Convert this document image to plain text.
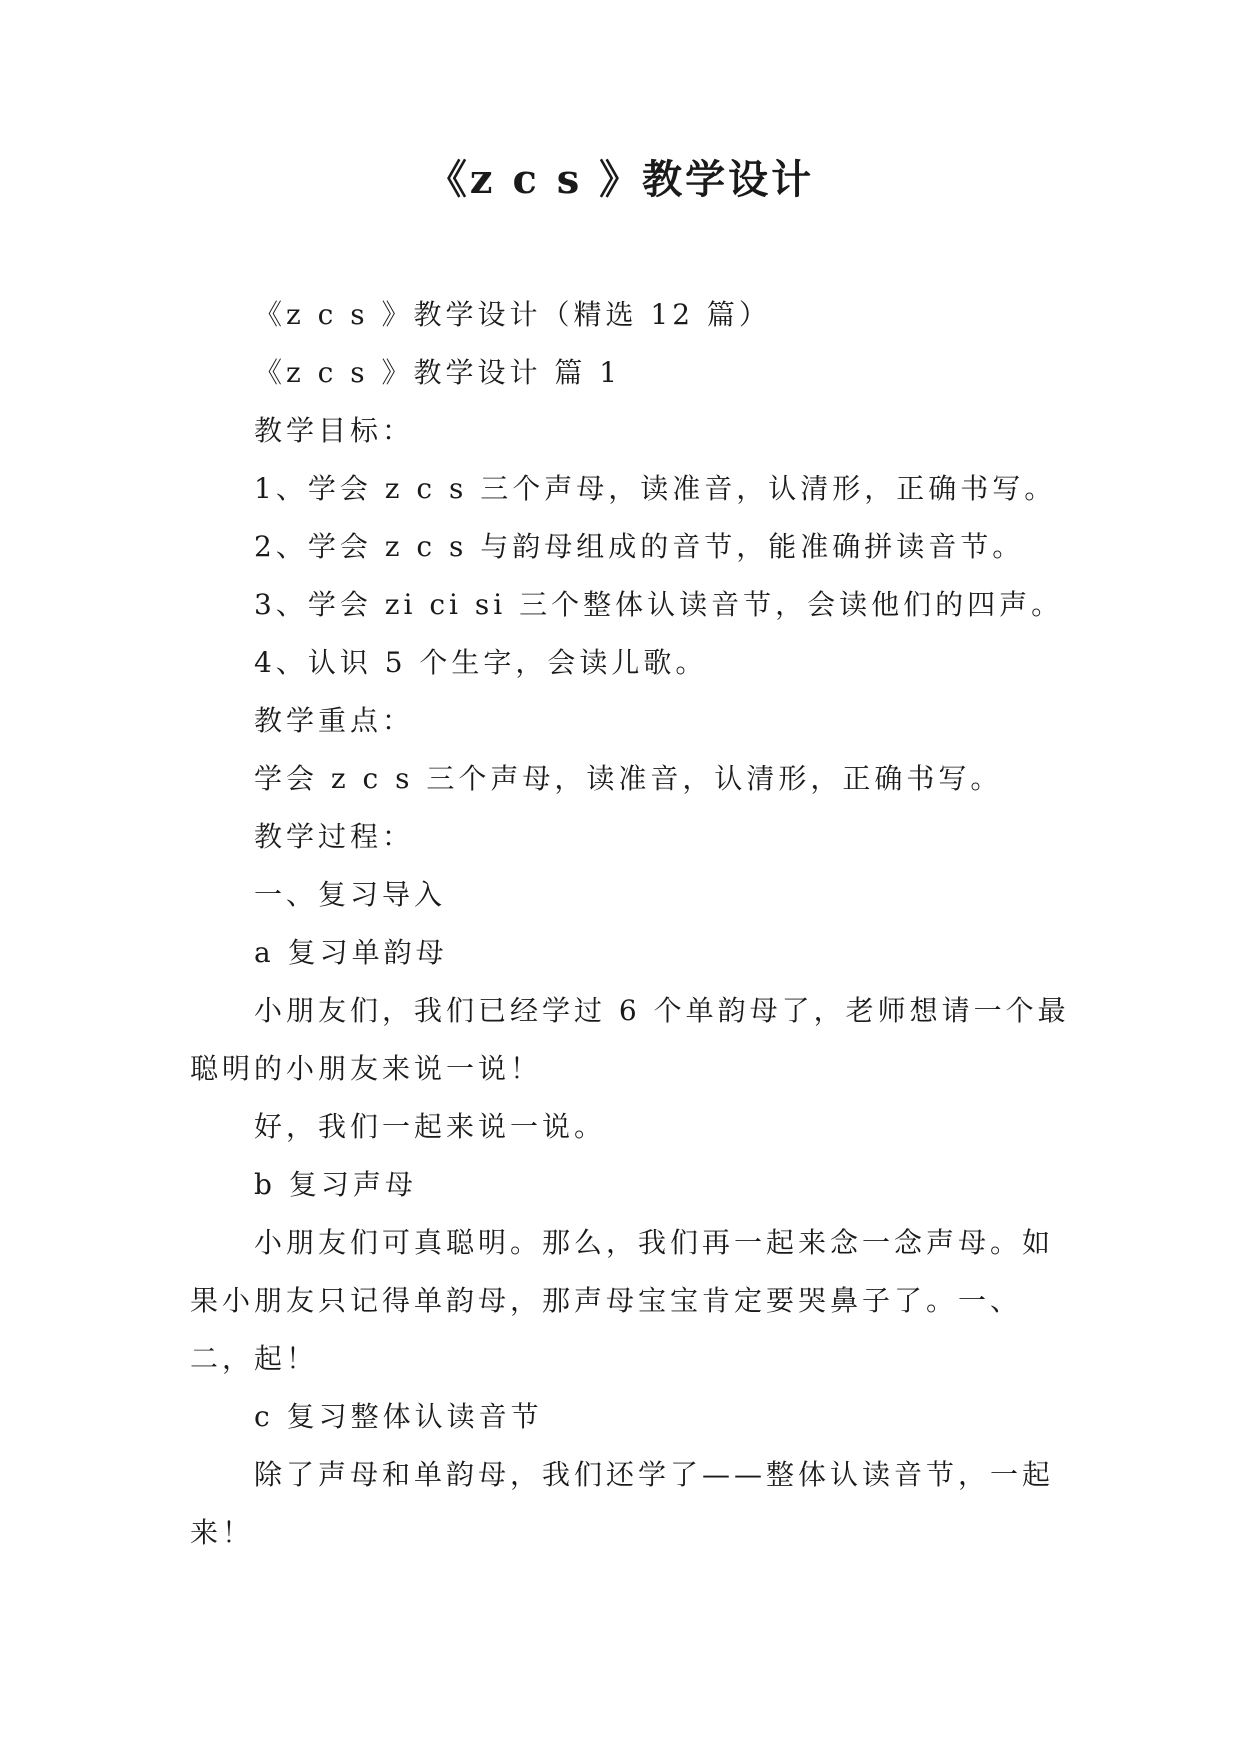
《z c s 》教学设计

《z c s 》教学设计（精选 12 篇）

《z c s 》教学设计 篇 1

教学目标：

1、学会 z c s 三个声母，读准音，认清形，正确书写。

2、学会 z c s 与韵母组成的音节，能准确拼读音节。

3、学会 zi ci si 三个整体认读音节，会读他们的四声。

4、认识 5 个生字，会读儿歌。

教学重点：

学会 z c s 三个声母，读准音，认清形，正确书写。

教学过程：

一、复习导入

a 复习单韵母

小朋友们，我们已经学过 6 个单韵母了，老师想请一个最聪明的小朋友来说一说！

好，我们一起来说一说。

b 复习声母

小朋友们可真聪明。那么，我们再一起来念一念声母。如果小朋友只记得单韵母，那声母宝宝肯定要哭鼻子了。一、二，起！

c 复习整体认读音节

除了声母和单韵母，我们还学了——整体认读音节，一起来！
